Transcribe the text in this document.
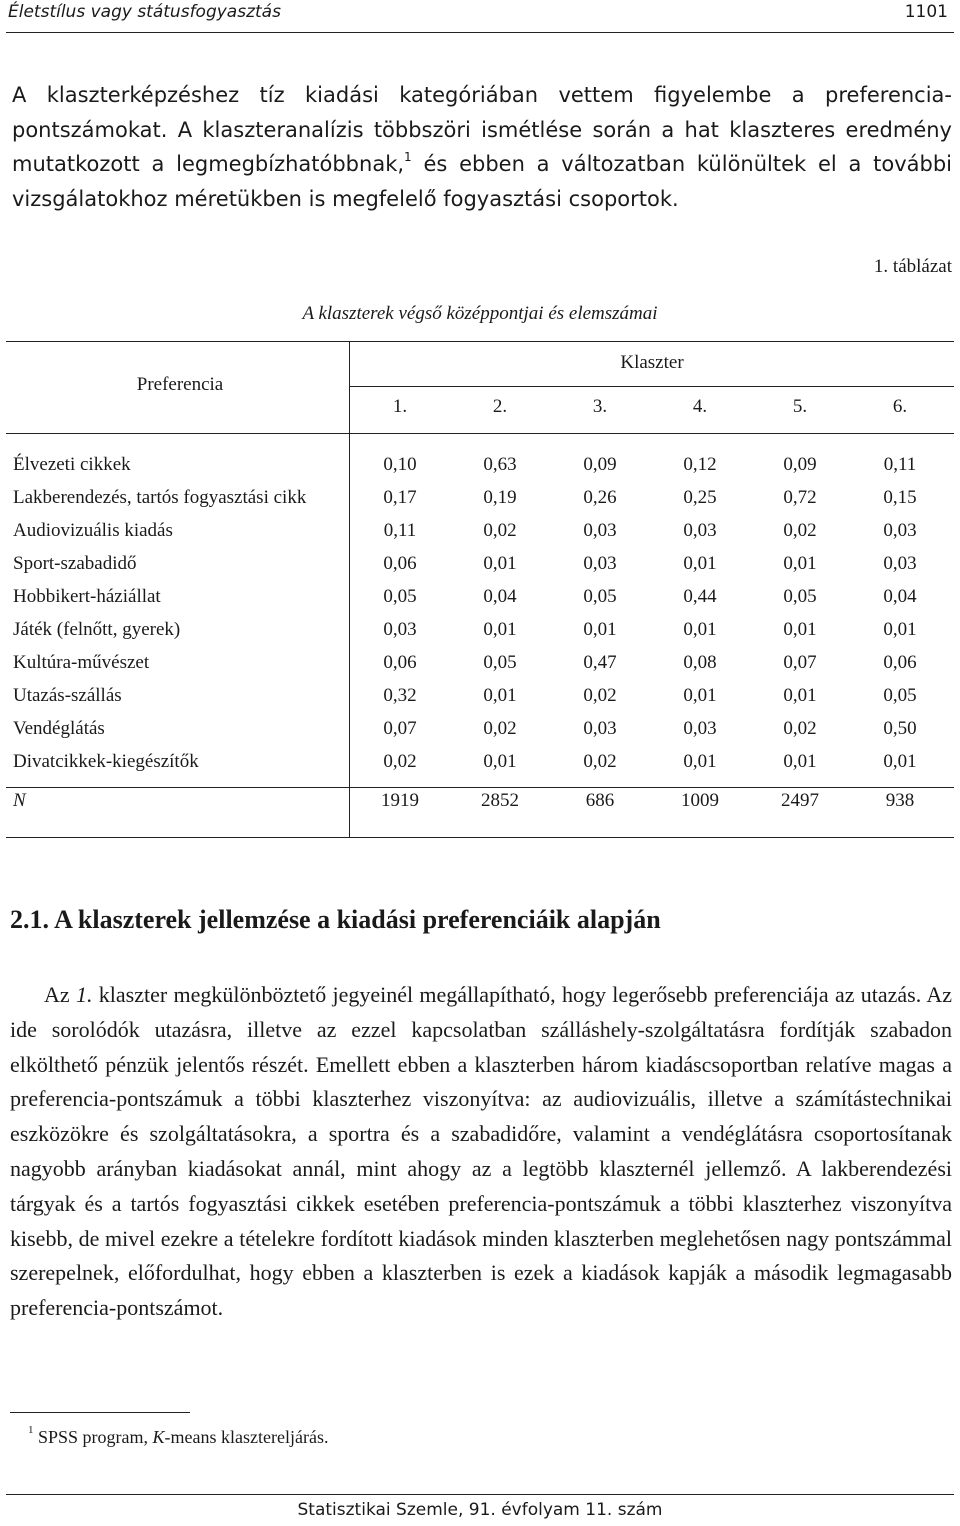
Életstílus vagy státusfogyasztás	1101

A klaszterképzéshez tíz kiadási kategóriában vettem figyelembe a preferencia-pontszámokat. A klaszteranalízis többszöri ismétlése során a hat klaszteres eredmény mutatkozott a legmegbízhatóbbnak,$^1$ és ebben a változatban különültek el a további vizsgálatokhoz méretükben is megfelelő fogyasztási csoportok.

1. táblázat
A klaszterek végső középpontjai és elemszámai
Preferencia
Klaszter
1.	2.	3.	4.	5.	6.
Élvezeti cikkek	0,10	0,63	0,09	0,12	0,09	0,11
Lakberendezés, tartós fogyasztási cikk	0,17	0,19	0,26	0,25	0,72	0,15
Audiovizuális kiadás	0,11	0,02	0,03	0,03	0,02	0,03
Sport-szabadidő	0,06	0,01	0,03	0,01	0,01	0,03
Hobbikert-háziállat	0,05	0,04	0,05	0,44	0,05	0,04
Játék (felnőtt, gyerek)	0,03	0,01	0,01	0,01	0,01	0,01
Kultúra-művészet	0,06	0,05	0,47	0,08	0,07	0,06
Utazás-szállás	0,32	0,01	0,02	0,01	0,01	0,05
Vendéglátás	0,07	0,02	0,03	0,03	0,02	0,50
Divatcikkek-kiegészítők	0,02	0,01	0,02	0,01	0,01	0,01
N	1919	2852	686	1009	2497	938
2.1. A klaszterek jellemzése a kiadási preferenciáik alapján

Az 1. klaszter megkülönböztető jegyeinél megállapítható, hogy legerősebb preferenciája az utazás. Az ide sorolódók utazásra, illetve az ezzel kapcsolatban szálláshely-szolgáltatásra fordítják szabadon elkölthető pénzük jelentős részét. Emellett ebben a klaszterben három kiadáscsoportban relatíve magas a preferencia-pontszámuk a többi klaszterhez viszonyítva: az audiovizuális, illetve a számítástechnikai eszközökre és szolgáltatásokra, a sportra és a szabadidőre, valamint a vendéglátásra csoportosítanak nagyobb arányban kiadásokat annál, mint ahogy az a legtöbb klaszternél jellemző. A lakberendezési tárgyak és a tartós fogyasztási cikkek esetében preferencia-pontszámuk a többi klaszterhez viszonyítva kisebb, de mivel ezekre a tételekre fordított kiadások minden klaszterben meglehetősen nagy pontszámmal szerepelnek, előfordulhat, hogy ebben a klaszterben is ezek a kiadások kapják a második legmagasabb preferencia-pontszámot.

1 SPSS program, K-means klasztereljárás.
Statisztikai Szemle, 91. évfolyam 11. szám
